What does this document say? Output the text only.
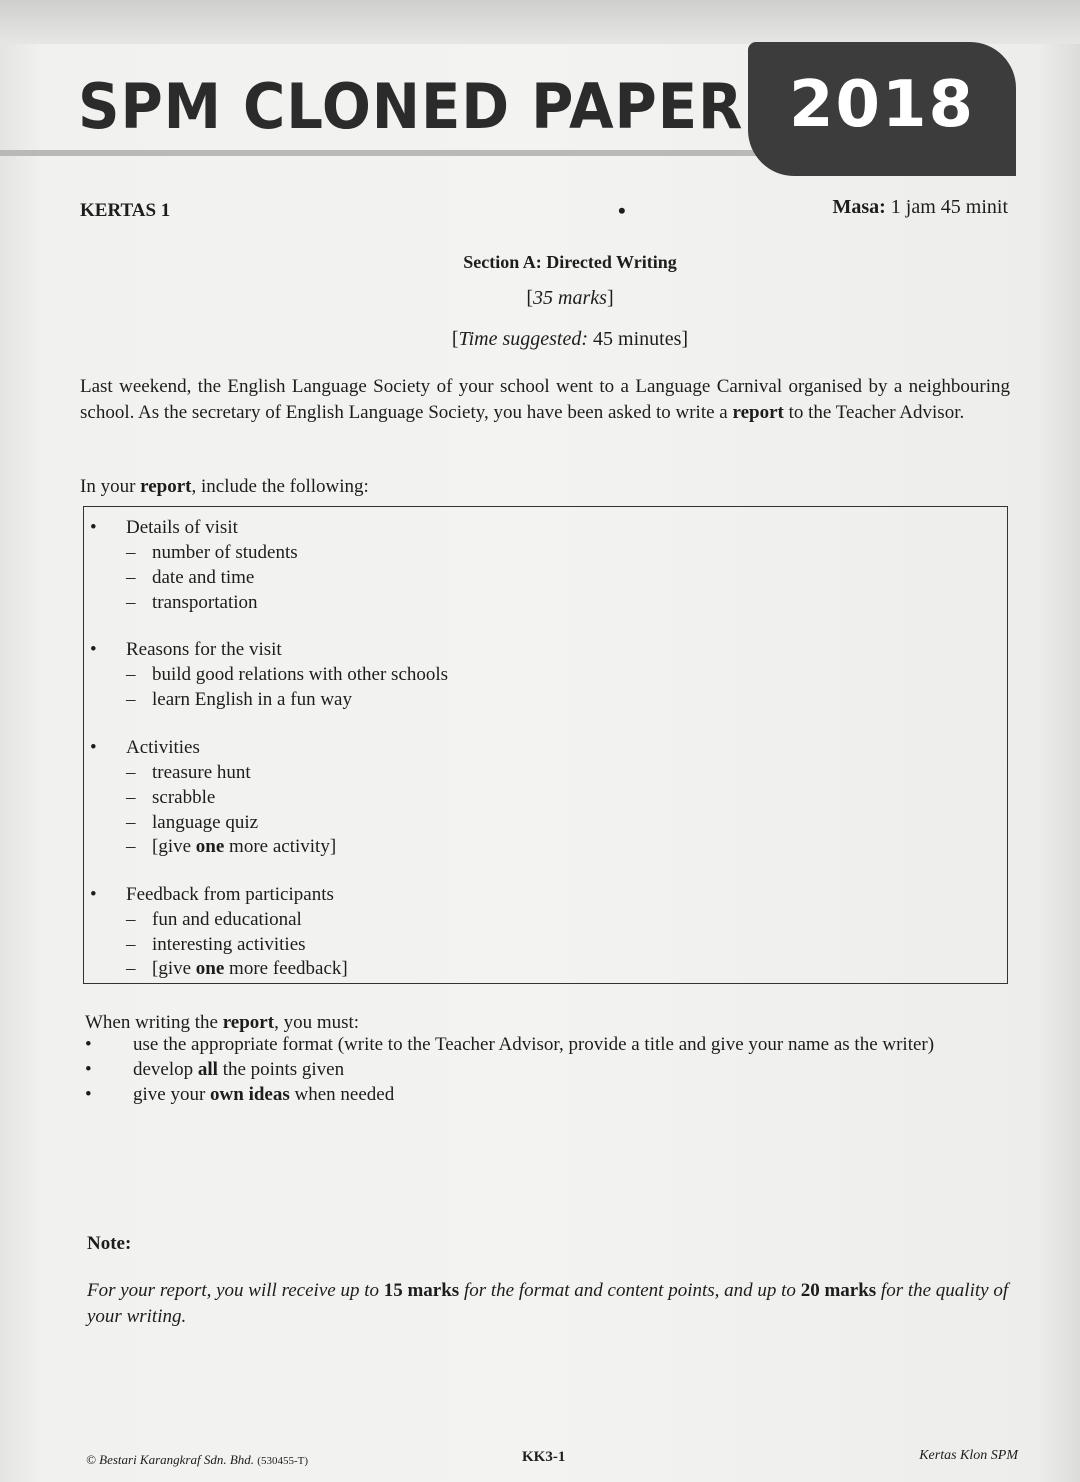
SPM CLONED PAPER 2018
KERTAS 1	•	Masa: 1 jam 45 minit
Section A: Directed Writing
[35 marks]
[Time suggested: 45 minutes]
Last weekend, the English Language Society of your school went to a Language Carnival organised by a neighbouring school. As the secretary of English Language Society, you have been asked to write a report to the Teacher Advisor.
In your report, include the following:
• Details of visit
– number of students
– date and time
– transportation
• Reasons for the visit
– build good relations with other schools
– learn English in a fun way
• Activities
– treasure hunt
– scrabble
– language quiz
– [give one more activity]
• Feedback from participants
– fun and educational
– interesting activities
– [give one more feedback]
When writing the report, you must:
• use the appropriate format (write to the Teacher Advisor, provide a title and give your name as the writer)
• develop all the points given
• give your own ideas when needed
Note:
For your report, you will receive up to 15 marks for the format and content points, and up to 20 marks for the quality of your writing.
© Bestari Karangkraf Sdn. Bhd. (530455-T)	KK3-1	Kertas Klon SPM
